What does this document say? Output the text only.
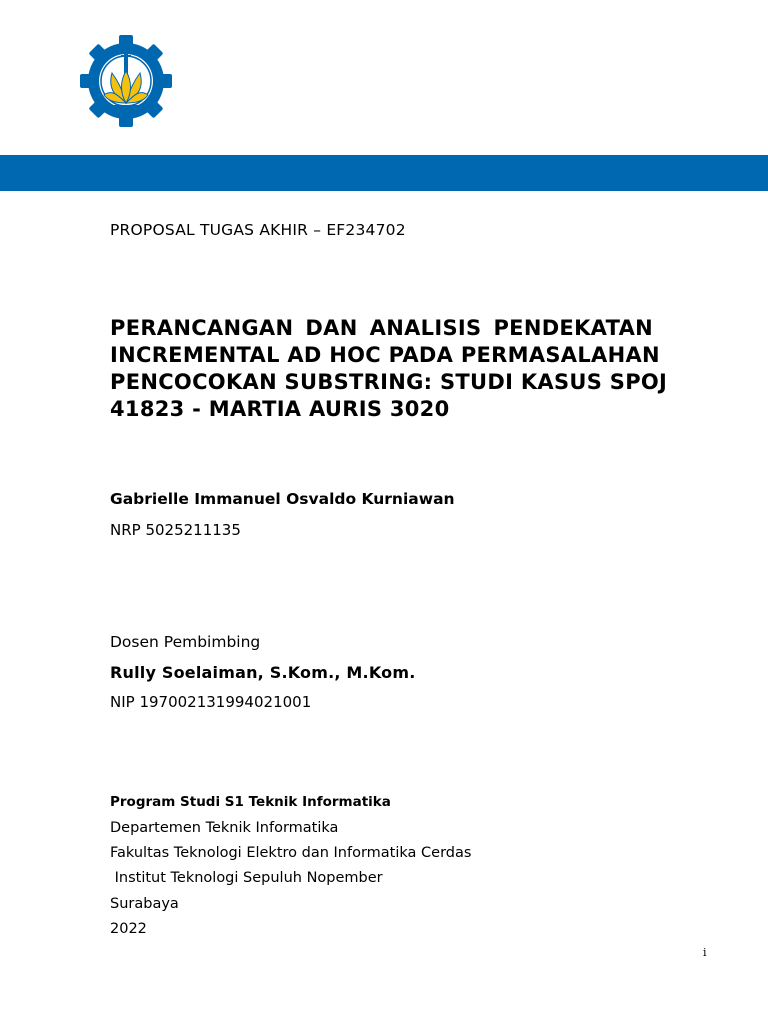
PROPOSAL TUGAS AKHIR – EF234702

PERANCANGAN DAN ANALISIS PENDEKATAN
INCREMENTAL AD HOC PADA PERMASALAHAN
PENCOCOKAN SUBSTRING: STUDI KASUS SPOJ
41823 - MARTIA AURIS 3020

Gabrielle Immanuel Osvaldo Kurniawan

NRP 5025211135

Dosen Pembimbing

Rully Soelaiman, S.Kom., M.Kom.

NIP 197002131994021001

Program Studi S1 Teknik Informatika

Departemen Teknik Informatika

Fakultas Teknologi Elektro dan Informatika Cerdas

Institut Teknologi Sepuluh Nopember

Surabaya

2022

i
